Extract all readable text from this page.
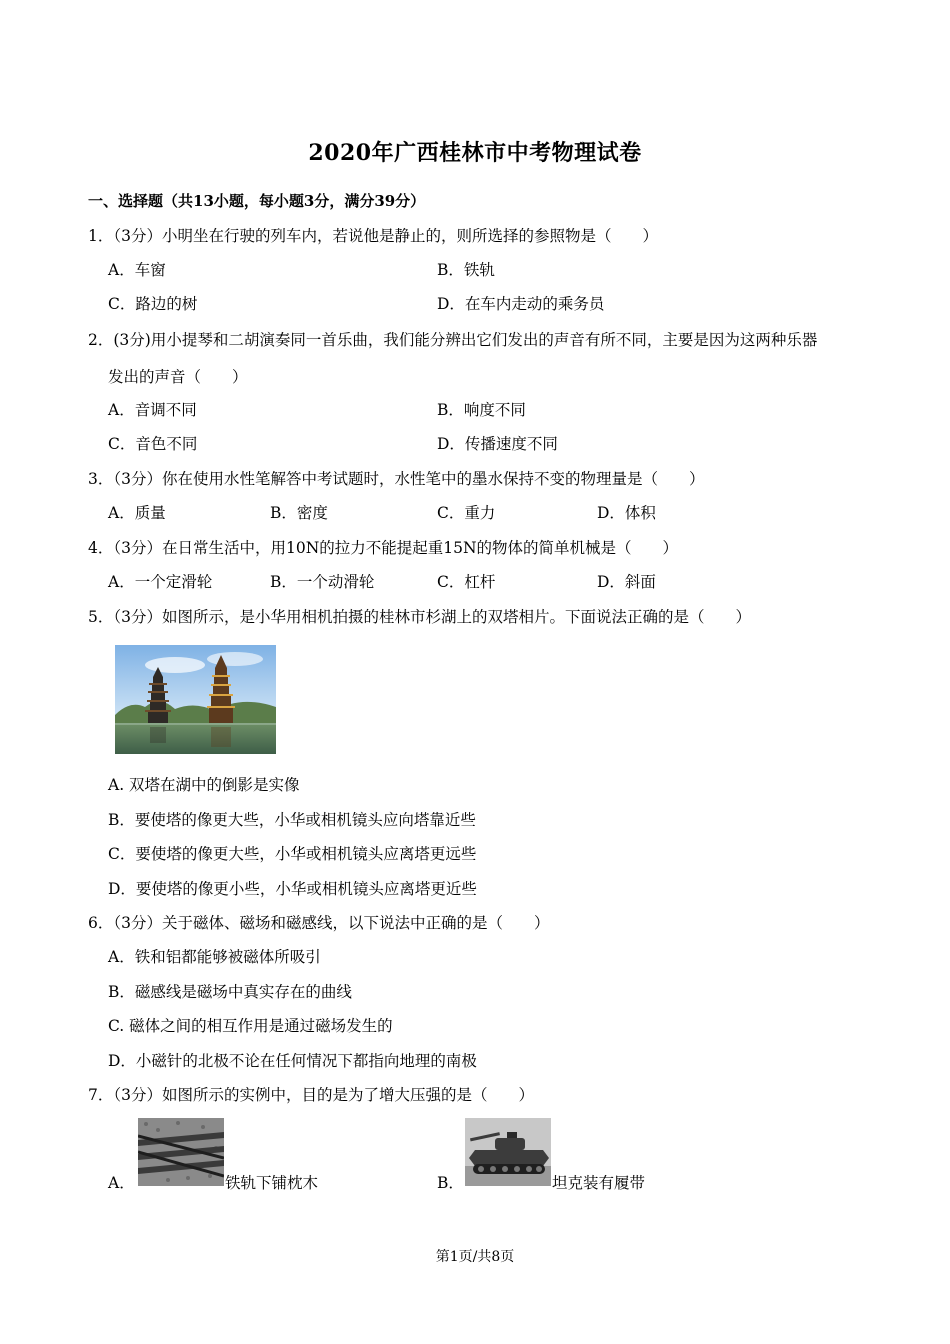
2020年广西桂林市中考物理试卷
一、选择题（共13小题，每小题3分，满分39分）
1．（3分）小明坐在行驶的列车内，若说他是静止的，则所选择的参照物是（　　）
A．车窗	B．铁轨
C．路边的树	D．在车内走动的乘务员
2．(3分)用小提琴和二胡演奏同一首乐曲，我们能分辨出它们发出的声音有所不同，主要是因为这两种乐器
发出的声音（　　）
A．音调不同	B．响度不同
C．音色不同	D．传播速度不同
3．（3分）你在使用水性笔解答中考试题时，水性笔中的墨水保持不变的物理量是（　　）
A．质量	B．密度	C．重力	D．体积
4．（3分）在日常生活中，用10N的拉力不能提起重15N的物体的简单机械是（　　）
A．一个定滑轮	B．一个动滑轮	C．杠杆	D．斜面
5．（3分）如图所示，是小华用相机拍摄的桂林市杉湖上的双塔相片。下面说法正确的是（　　）
A. 双塔在湖中的倒影是实像
B．要使塔的像更大些，小华或相机镜头应向塔靠近些
C．要使塔的像更大些，小华或相机镜头应离塔更远些
D．要使塔的像更小些，小华或相机镜头应离塔更近些
6．（3分）关于磁体、磁场和磁感线，以下说法中正确的是（　　）
A．铁和铝都能够被磁体所吸引
B．磁感线是磁场中真实存在的曲线
C. 磁体之间的相互作用是通过磁场发生的
D．小磁针的北极不论在任何情况下都指向地理的南极
7．（3分）如图所示的实例中，目的是为了增大压强的是（　　）
A．	铁轨下铺枕木	B．	坦克装有履带
第1页/共8页
